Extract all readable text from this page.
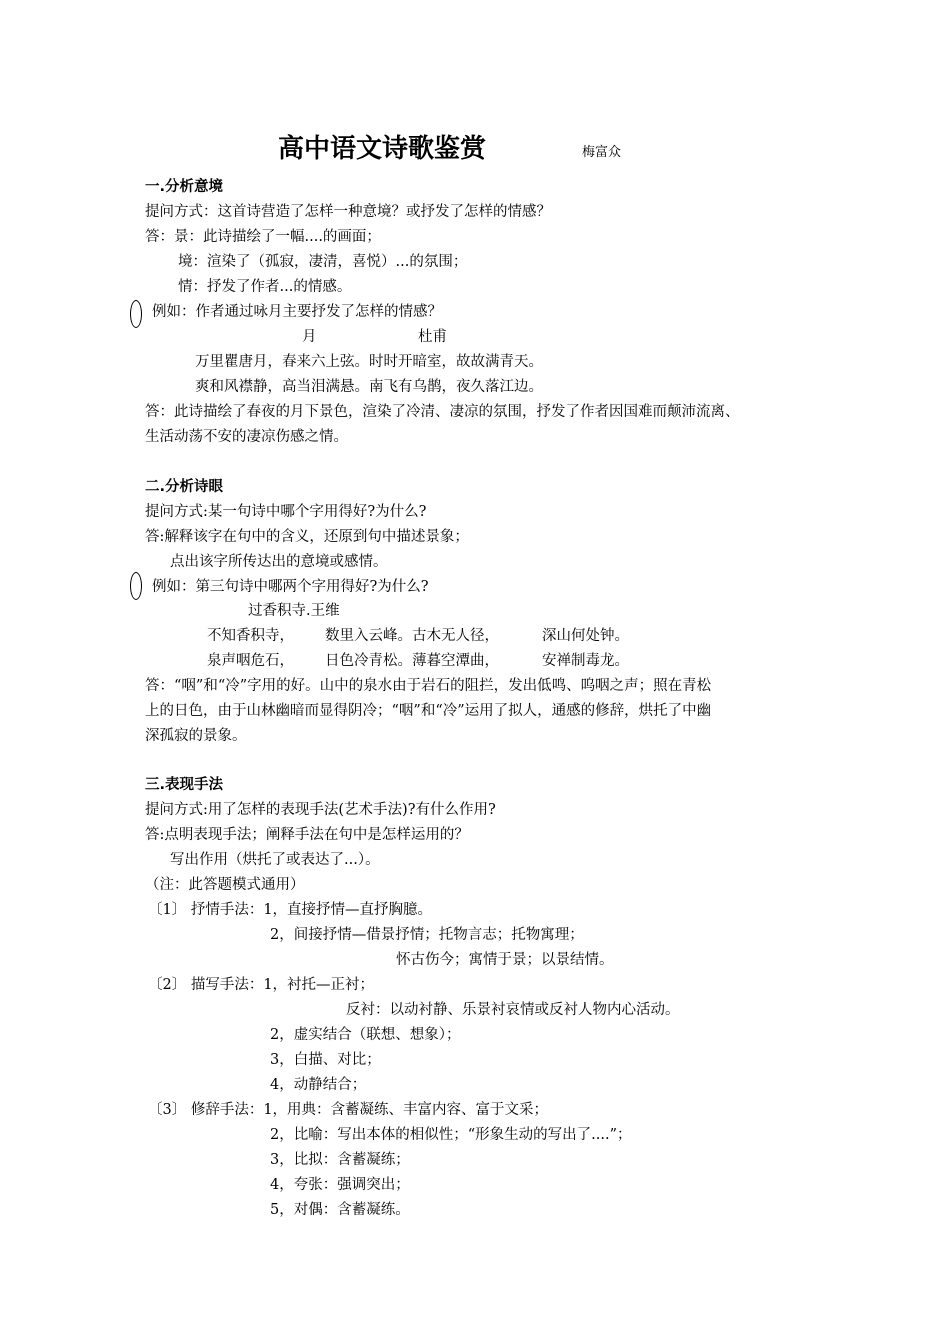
高中语文诗歌鉴赏	梅富众
一.分析意境
提问方式：这首诗营造了怎样一种意境？或抒发了怎样的情感？
答：景：此诗描绘了一幅....的画面；
境：渲染了（孤寂，凄清，喜悦）...的氛围；
情：抒发了作者...的情感。
例如：作者通过咏月主要抒发了怎样的情感？
月	杜甫
万里瞿唐月，春来六上弦。时时开暗室，故故满青天。
爽和风襟静，高当泪满悬。南飞有乌鹊，夜久落江边。
答：此诗描绘了春夜的月下景色，渲染了冷清、凄凉的氛围，抒发了作者因国难而颠沛流离、
生活动荡不安的凄凉伤感之情。
二.分析诗眼
提问方式:某一句诗中哪个字用得好?为什么?
答:解释该字在句中的含义，还原到句中描述景象；
点出该字所传达出的意境或感情。
例如：第三句诗中哪两个字用得好?为什么?
过香积寺.王维
不知香积寺， 数里入云峰。古木无人径，	深山何处钟。
泉声咽危石， 日色冷青松。薄暮空潭曲，	安禅制毒龙。
答：“咽”和“冷”字用的好。山中的泉水由于岩石的阻拦，发出低鸣、呜咽之声；照在青松
上的日色，由于山林幽暗而显得阴冷；“咽”和“冷”运用了拟人，通感的修辞，烘托了中幽
深孤寂的景象。
三.表现手法
提问方式:用了怎样的表现手法(艺术手法)?有什么作用?
答:点明表现手法；阐释手法在句中是怎样运用的？
写出作用（烘托了或表达了...）。
（注：此答题模式通用）
〔1〕 抒情手法：1，直接抒情—直抒胸臆。
2，间接抒情—借景抒情；托物言志；托物寓理；
怀古伤今；寓情于景；以景结情。
〔2〕 描写手法：1，衬托—正衬；
反衬：以动衬静、乐景衬哀情或反衬人物内心活动。
2，虚实结合（联想、想象）；
3，白描、对比；
4，动静结合；
〔3〕 修辞手法：1，用典：含蓄凝练、丰富内容、富于文采；
2，比喻：写出本体的相似性；“形象生动的写出了....”；
3，比拟：含蓄凝练；
4，夸张：强调突出；
5，对偶：含蓄凝练。
